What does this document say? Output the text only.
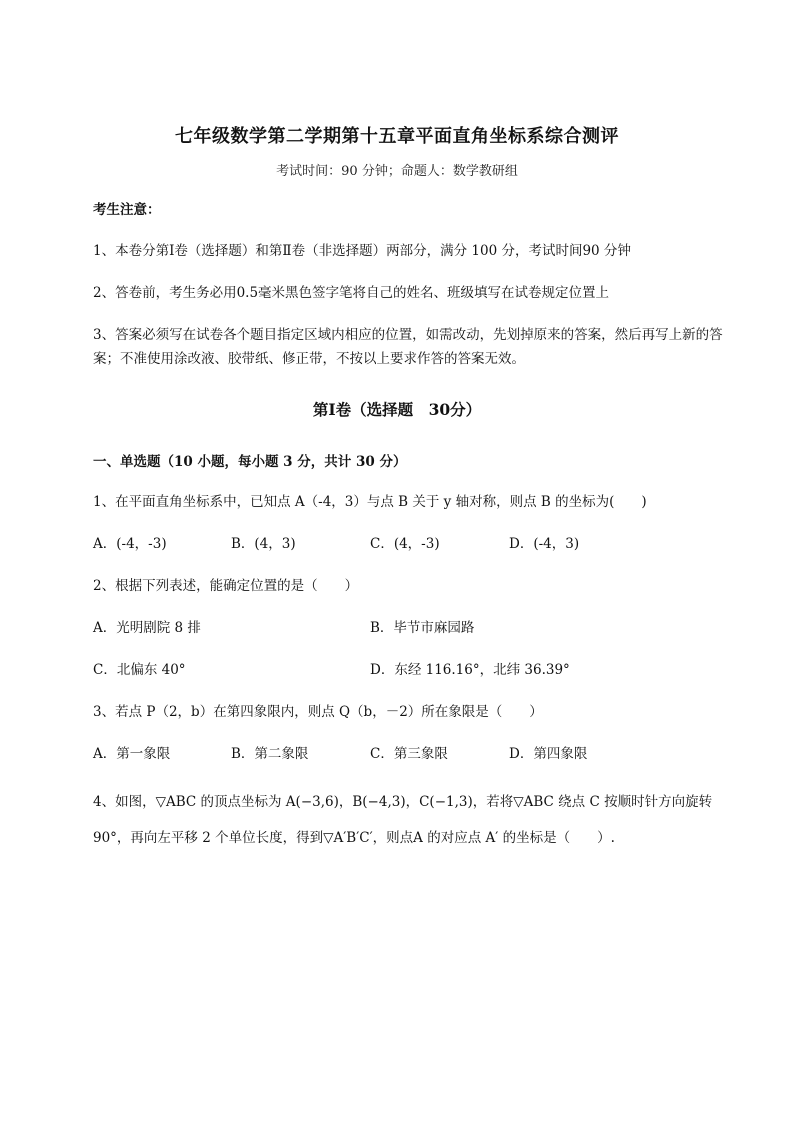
七年级数学第二学期第十五章平面直角坐标系综合测评
考试时间：90 分钟；命题人：数学教研组
考生注意：
1、本卷分第Ⅰ卷（选择题）和第Ⅱ卷（非选择题）两部分，满分 100 分，考试时间90 分钟
2、答卷前，考生务必用0.5毫米黑色签字笔将自己的姓名、班级填写在试卷规定位置上
3、答案必须写在试卷各个题目指定区域内相应的位置，如需改动，先划掉原来的答案，然后再写上新的答案；不准使用涂改液、胶带纸、修正带，不按以上要求作答的答案无效。
第Ⅰ卷（选择题　30分）
一、单选题（10 小题，每小题 3 分，共计 30 分）
1、在平面直角坐标系中，已知点 A（-4，3）与点 B 关于 y 轴对称，则点 B 的坐标为(　　)
A．(-4，-3)	B．(4，3)	C．(4，-3)	D．(-4，3)
2、根据下列表述，能确定位置的是（　　）
A．光明剧院 8 排	B．毕节市麻园路
C．北偏东 40°	D．东经 116.16°，北纬 36.39°
3、若点 P（2，b）在第四象限内，则点 Q（b，－2）所在象限是（　　）
A．第一象限	B．第二象限	C．第三象限	D．第四象限
4、如图，▽ABC 的顶点坐标为 A(−3,6)，B(−4,3)，C(−1,3)，若将▽ABC 绕点 C 按顺时针方向旋转
90°，再向左平移 2 个单位长度，得到▽A′B′C′，则点A 的对应点 A′ 的坐标是（　　）.
